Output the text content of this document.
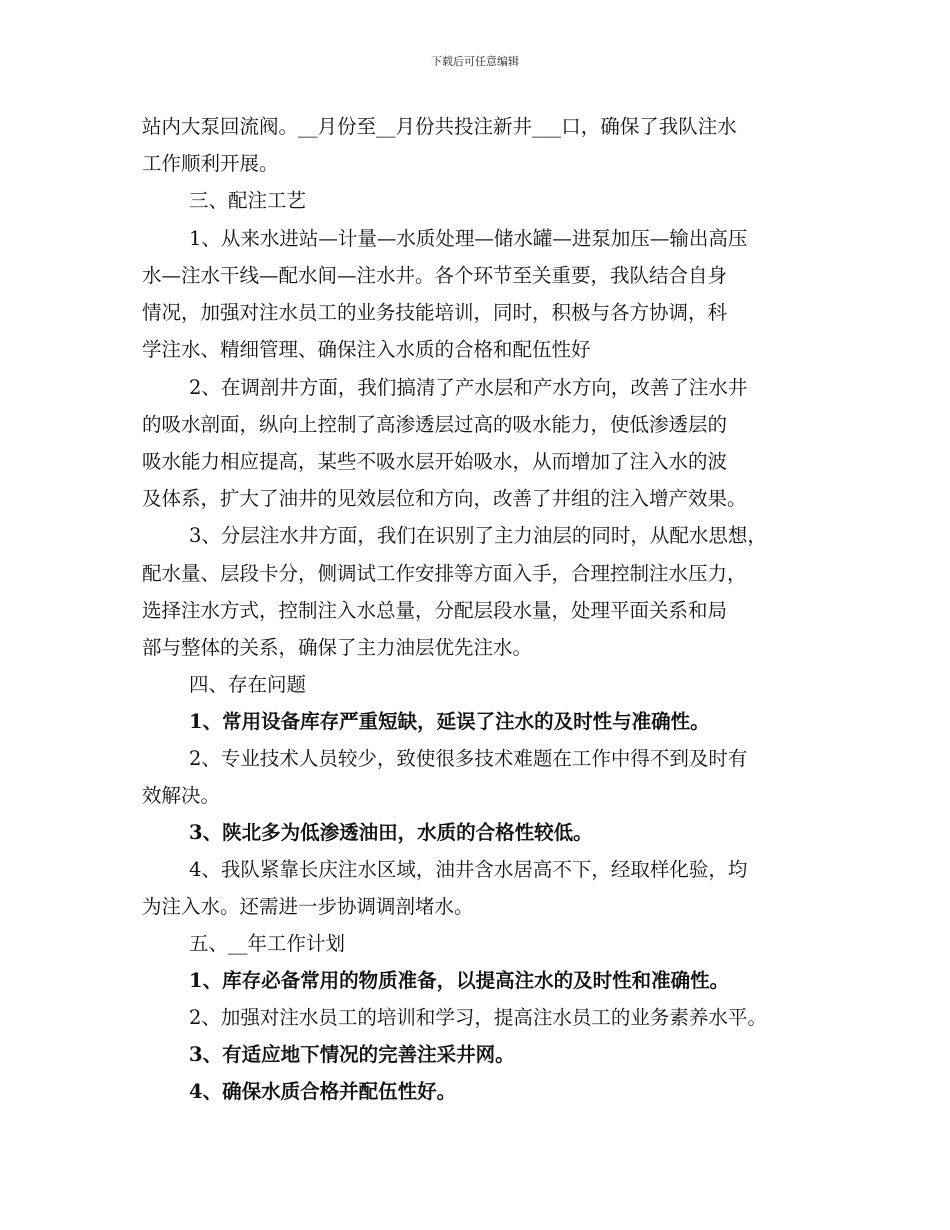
下载后可任意编辑
站内大泵回流阀。__月份至__月份共投注新井___口，确保了我队注水
工作顺利开展。
三、配注工艺
1、从来水进站—计量—水质处理—储水罐—进泵加压—输出高压
水—注水干线—配水间—注水井。各个环节至关重要，我队结合自身
情况，加强对注水员工的业务技能培训，同时，积极与各方协调，科
学注水、精细管理、确保注入水质的合格和配伍性好
2、在调剖井方面，我们搞清了产水层和产水方向，改善了注水井
的吸水剖面，纵向上控制了高渗透层过高的吸水能力，使低渗透层的
吸水能力相应提高，某些不吸水层开始吸水，从而增加了注入水的波
及体系，扩大了油井的见效层位和方向，改善了井组的注入增产效果。
3、分层注水井方面，我们在识别了主力油层的同时，从配水思想，
配水量、层段卡分，侧调试工作安排等方面入手，合理控制注水压力，
选择注水方式，控制注入水总量，分配层段水量，处理平面关系和局
部与整体的关系，确保了主力油层优先注水。
四、存在问题
1、常用设备库存严重短缺，延误了注水的及时性与准确性。
2、专业技术人员较少，致使很多技术难题在工作中得不到及时有
效解决。
3、陕北多为低渗透油田，水质的合格性较低。
4、我队紧靠长庆注水区域，油井含水居高不下，经取样化验，均
为注入水。还需进一步协调调剖堵水。
五、__年工作计划
1、库存必备常用的物质准备，以提高注水的及时性和准确性。
2、加强对注水员工的培训和学习，提高注水员工的业务素养水平。
3、有适应地下情况的完善注采井网。
4、确保水质合格并配伍性好。
